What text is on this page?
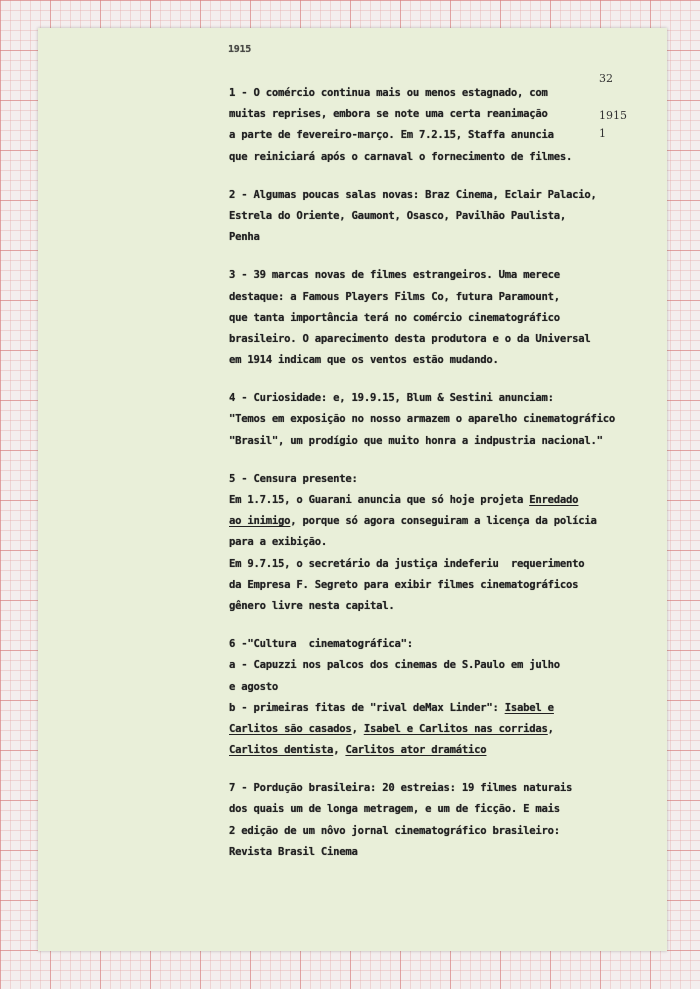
1915
32
1915
1
1 - O comércio continua mais ou menos estagnado, com
muitas reprises, embora se note uma certa reanimação
a parte de fevereiro-março. Em 7.2.15, Staffa anuncia
que reiniciará após o carnaval o fornecimento de filmes.
2 - Algumas poucas salas novas: Braz Cinema, Eclair Palacio,
Estrela do Oriente, Gaumont, Osasco, Pavilhão Paulista,
Penha
3 - 39 marcas novas de filmes estrangeiros. Uma merece
destaque: a Famous Players Films Co, futura Paramount,
que tanta importância terá no comércio cinematográfico
brasileiro. O aparecimento desta produtora e o da Universal
em 1914 indicam que os ventos estão mudando.
4 - Curiosidade: e, 19.9.15, Blum & Sestini anunciam:
"Temos em exposição no nosso armazem o aparelho cinematográfico
"Brasil", um prodígio que muito honra a indpustria nacional."
5 - Censura presente:
Em 1.7.15, o Guarani anuncia que só hoje projeta Enredado
ao inimigo, porque só agora conseguiram a licença da polícia
para a exibição.
Em 9.7.15, o secretário da justiça indeferiu  requerimento
da Empresa F. Segreto para exibir filmes cinematográficos
gênero livre nesta capital.
6 -"Cultura  cinematográfica":
a - Capuzzi nos palcos dos cinemas de S.Paulo em julho
e agosto
b - primeiras fitas de "rival deMax Linder": Isabel e
Carlitos são casados, Isabel e Carlitos nas corridas,
Carlitos dentista, Carlitos ator dramático
7 - Pordução brasileira: 20 estreias: 19 filmes naturais
dos quais um de longa metragem, e um de ficção. E mais
2 edição de um nôvo jornal cinematográfico brasileiro:
Revista Brasil Cinema
